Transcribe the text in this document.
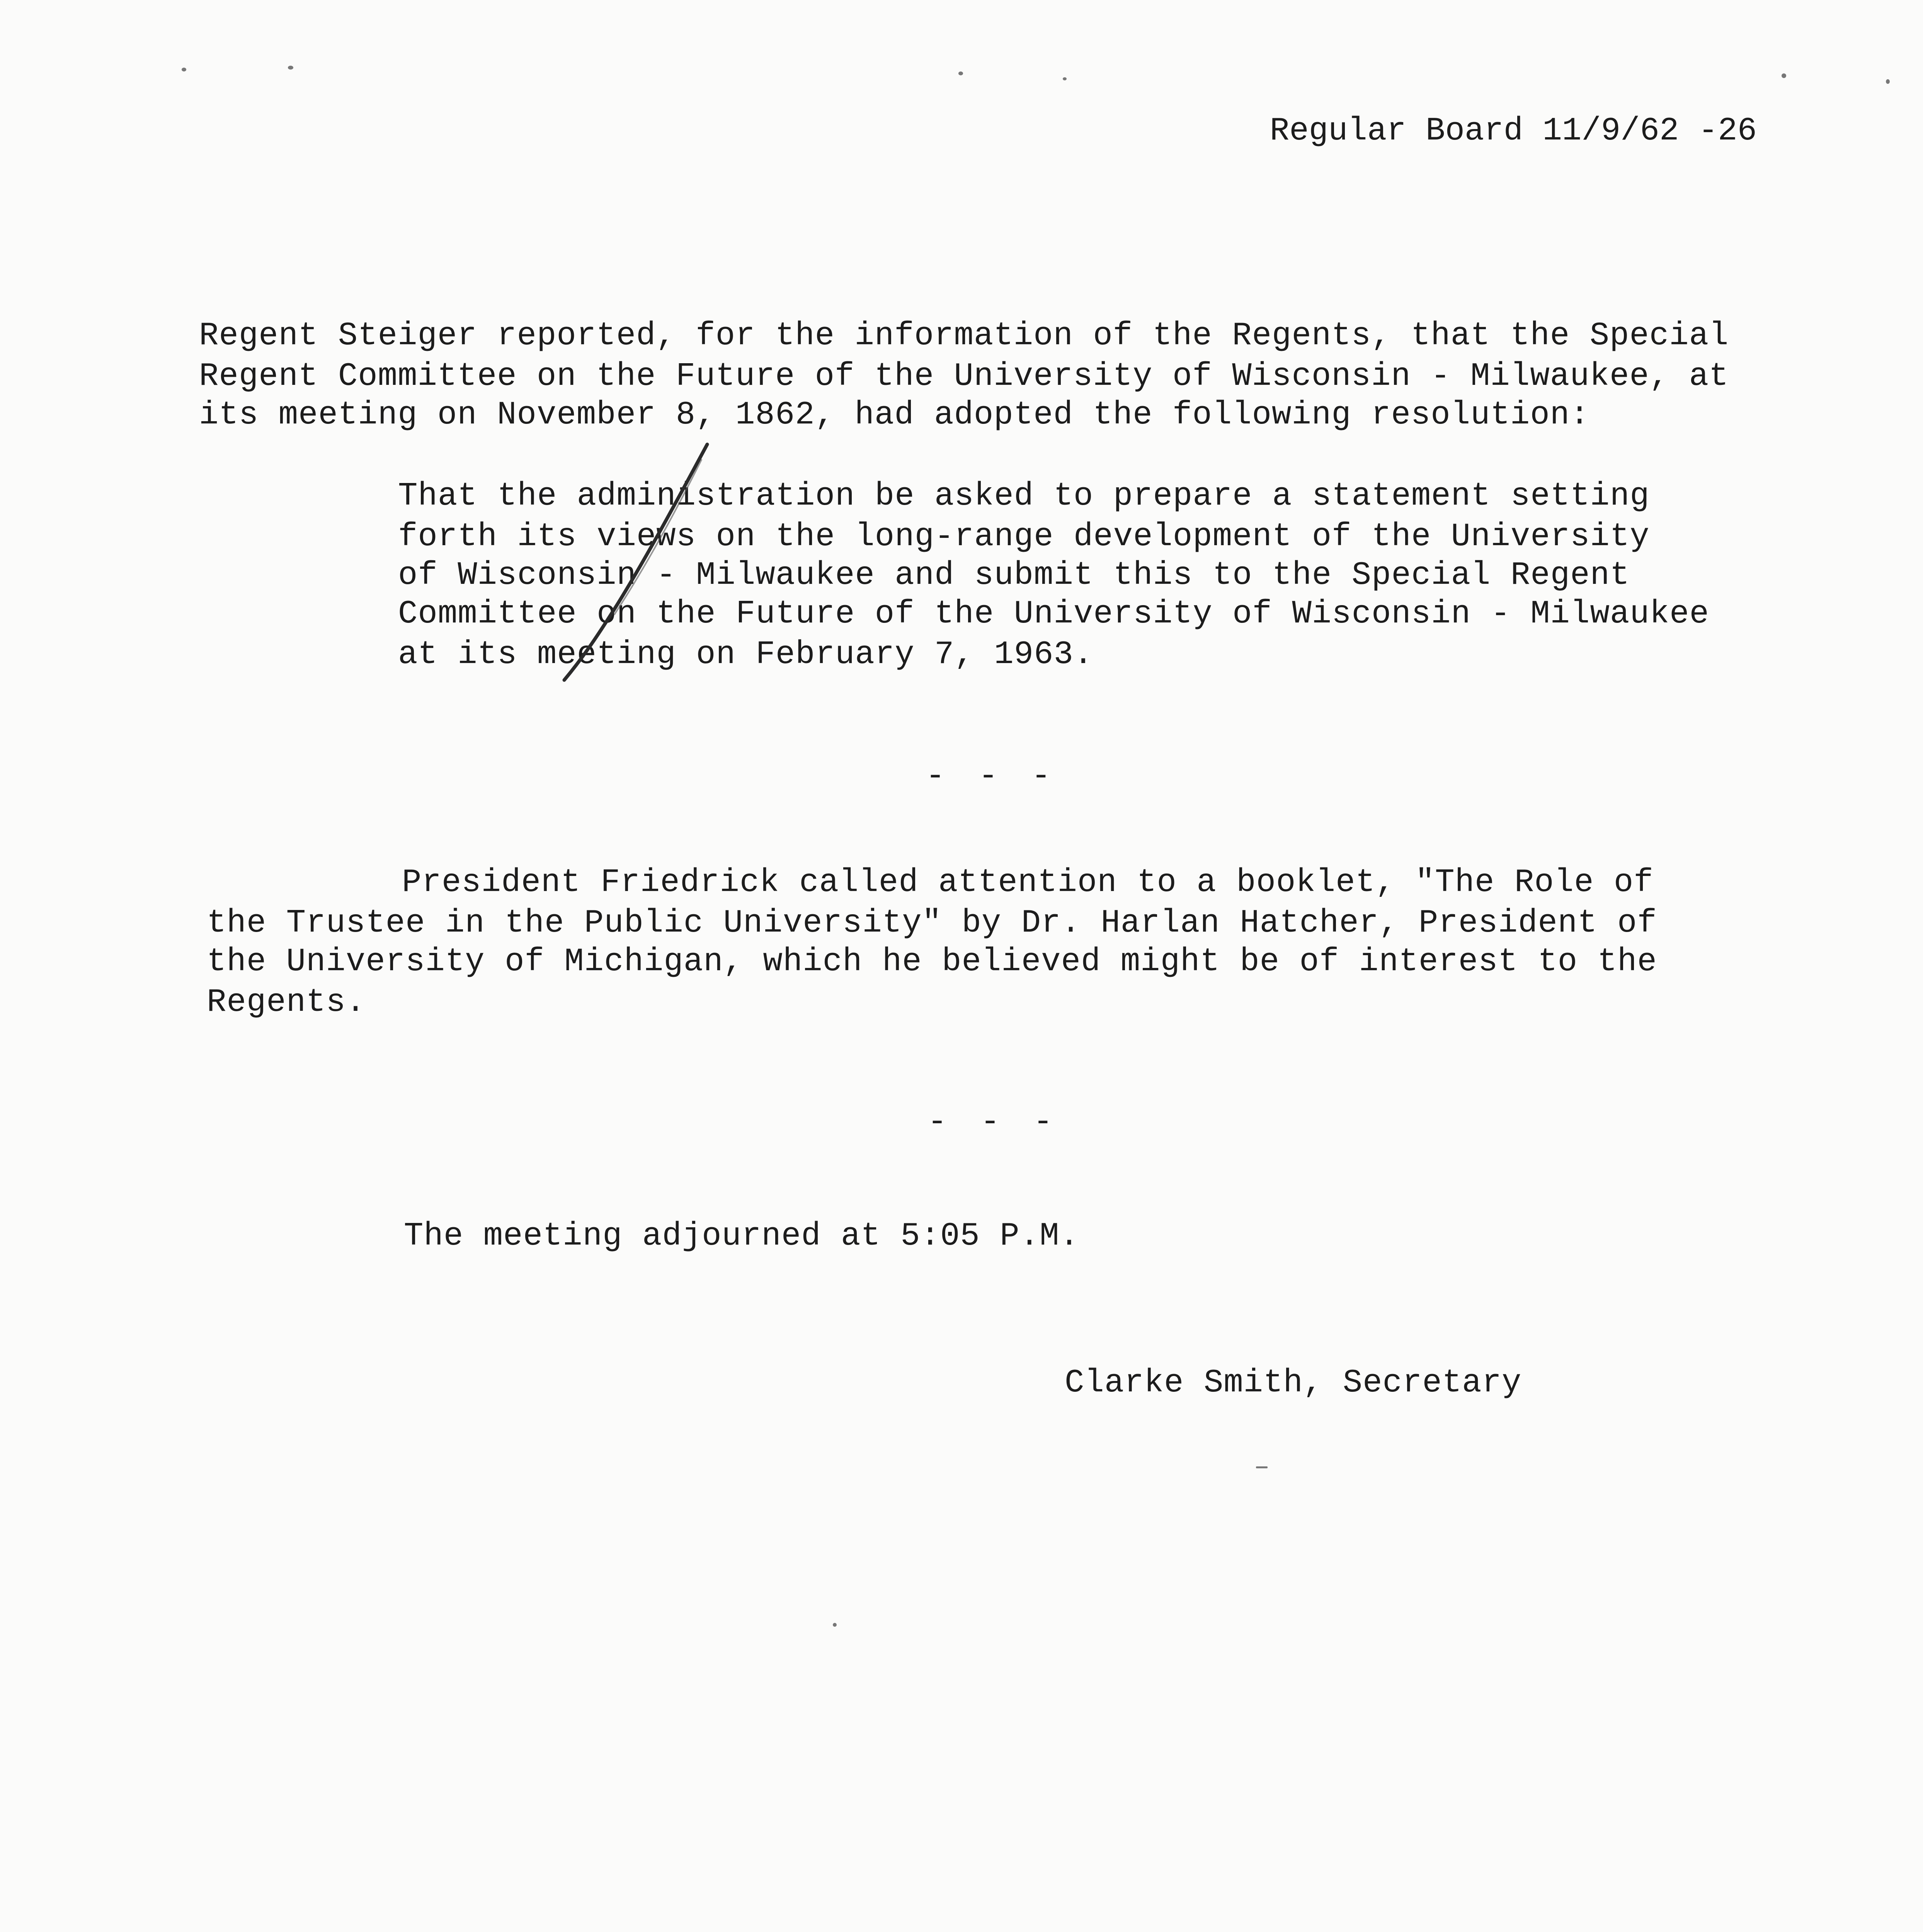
Regular Board 11/9/62 -26
Regent Steiger reported, for the information of the Regents, that the Special
Regent Committee on the Future of the University of Wisconsin - Milwaukee, at
its meeting on November 8, 1862, had adopted the following resolution:
That the administration be asked to prepare a statement setting
forth its views on the long-range development of the University
of Wisconsin - Milwaukee and submit this to the Special Regent
Committee on the Future of the University of Wisconsin - Milwaukee
at its meeting on February 7, 1963.
- - -
President Friedrick called attention to a booklet, "The Role of
the Trustee in the Public University" by Dr. Harlan Hatcher, President of
the University of Michigan, which he believed might be of interest to the
Regents.
- - -
The meeting adjourned at 5:05 P.M.
Clarke Smith, Secretary
